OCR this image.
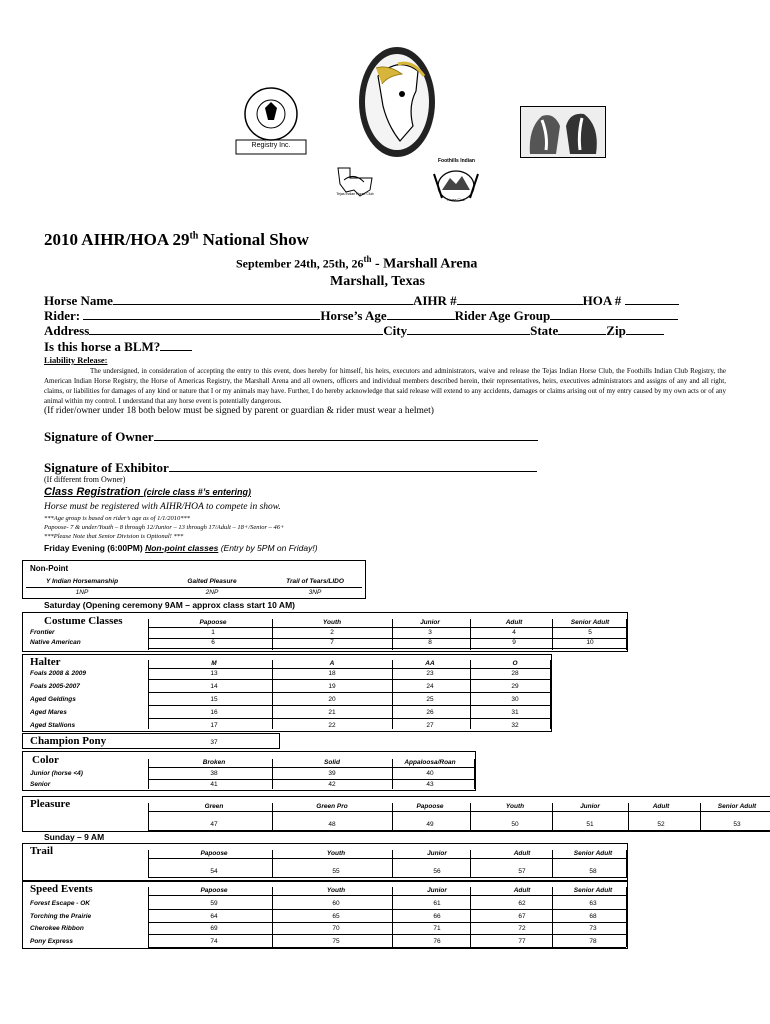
Registry Inc.
Tejas Indian Horse Club
Foothills Indian
Horse Club
2010 AIHR/HOA 29th National Show
September 24th, 25th, 26th - Marshall Arena
Marshall, Texas
Horse Name	AIHR #	HOA #
Rider:	Horse’s Age	Rider Age Group
Address	City	State	Zip
Is this horse a BLM?
Liability Release:
The undersigned, in consideration of accepting the entry to this event, does hereby for himself, his heirs, executors and administrators, waive and release the Tejas Indian Horse Club, the Foothills Indian Club Registry, the American Indian Horse Registry, the Horse of Americas Registry, the Marshall Arena and all owners, officers and individual members described herein, their representatives, heirs, executives administrators and assigns of any and all right, claims, or liabilities for damages of any kind or nature that I or my animals may have. Further, I do hereby acknowledge that said release will extend to any accidents, damages or claims arising out of my entry caused by my own acts or of any animal within my control. I understand that any horse event is potentially dangerous.
(If rider/owner under 18 both below must be signed by parent or guardian & rider must wear a helmet)
Signature of Owner
Signature of Exhibitor
(If different from Owner)
Class Registration (circle class #’s entering)
Horse must be registered with AIHR/HOA to compete in show.
***Age group is based on rider’s age as of 1/1/2010***
Papoose- 7 & under/Youth – 8 through 12/Junior – 13 through 17/Adult – 18+/Senior – 46+
***Please Note that Senior Division is Optional! ***
Friday Evening (6:00PM) Non-point classes (Entry by 5PM on Friday!)
Non-Point
Y Indian Horsemanship	Gaited Pleasure	Trail of Tears/LIDO
1NP	2NP	3NP
Saturday (Opening ceremony 9AM – approx class start 10 AM)
Costume Classes	Papoose	Youth	Junior	Adult	Senior Adult
Frontier	1	2	3	4	5
Native American	6	7	8	9	10
Halter	M	A	AA	O
Foals 2008 & 2009	13	18	23	28
Foals 2005-2007	14	19	24	29
Aged Geldings	15	20	25	30
Aged Mares	16	21	26	31
Aged Stallions	17	22	27	32
Champion Pony	37
Color	Broken	Solid	Appaloosa/Roan
Junior (horse <4)	38	39	40
Senior	41	42	43
Pleasure	Green	Green Pro	Papoose	Youth	Junior	Adult	Senior Adult
47	48	49	50	51	52	53
Sunday – 9 AM
Trail	Papoose	Youth	Junior	Adult	Senior Adult
54	55	56	57	58
Speed Events	Papoose	Youth	Junior	Adult	Senior Adult
Forest Escape - OK	59	60	61	62	63
Torching the Prairie	64	65	66	67	68
Cherokee Ribbon	69	70	71	72	73
Pony Express	74	75	76	77	78
